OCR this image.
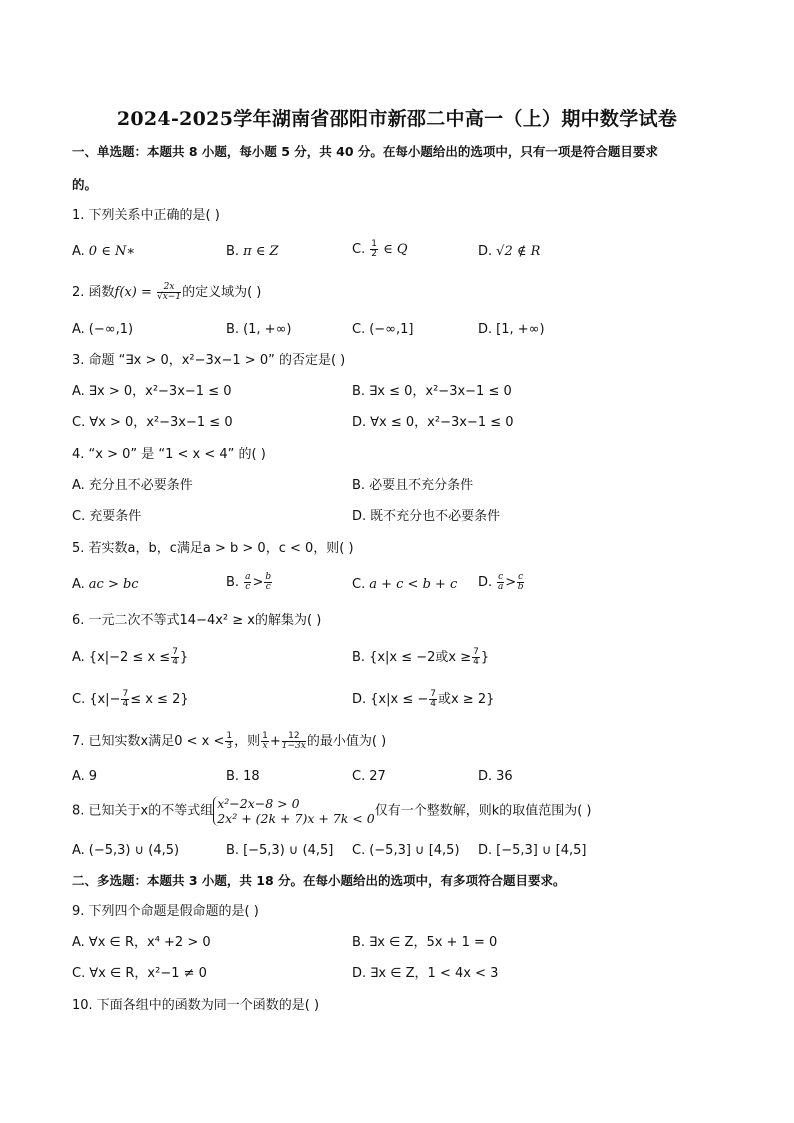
2024-2025学年湖南省邵阳市新邵二中高一（上）期中数学试卷
一、单选题：本题共 8 小题，每小题 5 分，共 40 分。在每小题给出的选项中，只有一项是符合题目要求
的。
1. 下列关系中正确的是( )
A. 0 ∈ N∗	B. π ∈ Z	C. $\frac{1}{2}$ ∈ Q	D. √2 ∉ R
2. 函数$f(x) = \frac{2x}{√x-1}$ 的定义域为( )
A. (−∞,1)	B. (1, +∞)	C. (−∞,1]	D. [1, +∞)
3. 命题 “∃x > 0，x²−3x−1 > 0” 的否定是( )
A. ∃x > 0，x²−3x−1 ≤ 0	B. ∃x ≤ 0，x²−3x−1 ≤ 0
C. ∀x > 0，x²−3x−1 ≤ 0	D. ∀x ≤ 0，x²−3x−1 ≤ 0
4. “x > 0” 是 “1 < x < 4” 的( )
A. 充分且不必要条件	B. 必要且不充分条件
C. 充要条件	D. 既不充分也不必要条件
5. 若实数a，b，c满足a > b > 0，c < 0，则( )
A. ac > bc	B. $\frac{a}{c} > \frac{b}{c}$	C. a + c < b + c D. $\frac{c}{a} > \frac{c}{b}$
6. 一元二次不等式14−4x² ≥ x的解集为( )
A. {$x|-2 \le x \le \frac{7}{4}$ }	B. {x|x ≤ −2或$x \ge \frac{7}{4}$ }
C. $\{x|- \frac{7}{4} \le x \le 2\}$	D. {x|x ≤ − $\frac{7}{4}$ 或x ≥ 2}
7. 已知实数x满足$0 < x < \frac{1}{3}$ ，则 $\frac{1}{x} + \frac{12}{1-3x}$ 的最小值为( )
A. 9	B. 18	C. 27	D. 36
8. 已知关于x的不等式组 x²−2x−8 > 0
2x² + (2k + 7)x + 7k < 0 仅有一个整数解，则k的取值范围为( )
A. (−5,3) ∪ (4,5)	B. [−5,3) ∪ (4,5] C. (−5,3] ∪ [4,5) D. [−5,3] ∪ [4,5]
二、多选题：本题共 3 小题，共 18 分。在每小题给出的选项中，有多项符合题目要求。
9. 下列四个命题是假命题的是( )
A. ∀x ∈ R，x⁴ +2 > 0	B. ∃x ∈ Z，5x + 1 = 0
C. ∀x ∈ R，x²−1 ≠ 0	D. ∃x ∈ Z，1 < 4x < 3
10. 下面各组中的函数为同一个函数的是( )
